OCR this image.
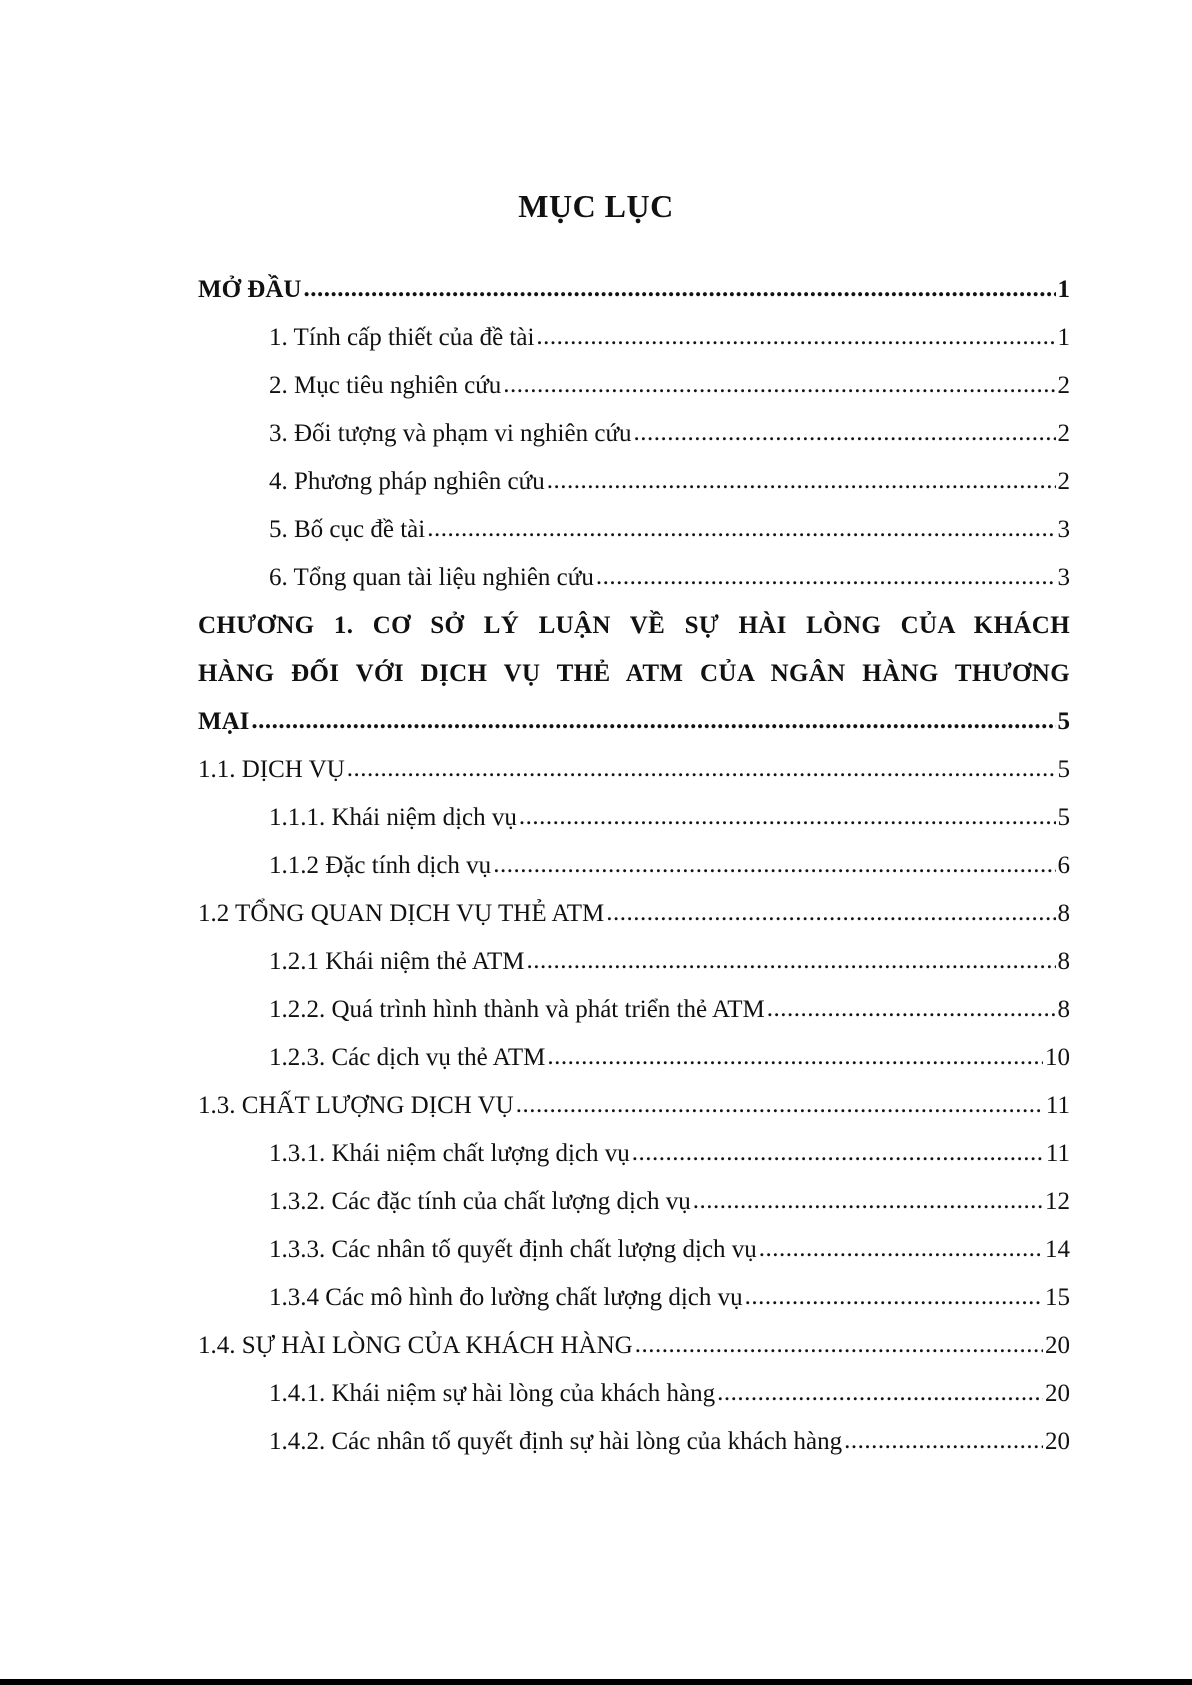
MỤC LỤC
MỞ ĐẦU .....	1
1. Tính cấp thiết của đề tài .....	1
2. Mục tiêu nghiên cứu .....	2
3. Đối tượng và phạm vi nghiên cứu .....	2
4. Phương pháp nghiên cứu .....	2
5. Bố cục đề tài .....	3
6. Tổng quan tài liệu nghiên cứu .....	3
CHƯƠNG 1. CƠ SỞ LÝ LUẬN VỀ SỰ HÀI LÒNG CỦA KHÁCH
HÀNG ĐỐI VỚI DỊCH VỤ THẺ ATM CỦA NGÂN HÀNG THƯƠNG
MẠI .....	5
1.1. DỊCH VỤ .....	5
1.1.1. Khái niệm dịch vụ .....	5
1.1.2 Đặc tính dịch vụ .....	6
1.2 TỔNG QUAN DỊCH VỤ THẺ ATM .....	8
1.2.1 Khái niệm thẻ ATM .....	8
1.2.2. Quá trình hình thành và phát triển thẻ ATM .....	8
1.2.3. Các dịch vụ thẻ ATM .....	10
1.3. CHẤT LƯỢNG DỊCH VỤ .....	11
1.3.1. Khái niệm chất lượng dịch vụ .....	11
1.3.2. Các đặc tính của chất lượng dịch vụ .....	12
1.3.3. Các nhân tố quyết định chất lượng dịch vụ .....	14
1.3.4 Các mô hình đo lường chất lượng dịch vụ .....	15
1.4. SỰ HÀI LÒNG CỦA KHÁCH HÀNG .....	20
1.4.1. Khái niệm sự hài lòng của khách hàng .....	20
1.4.2. Các nhân tố quyết định sự hài lòng của khách hàng .....	20
